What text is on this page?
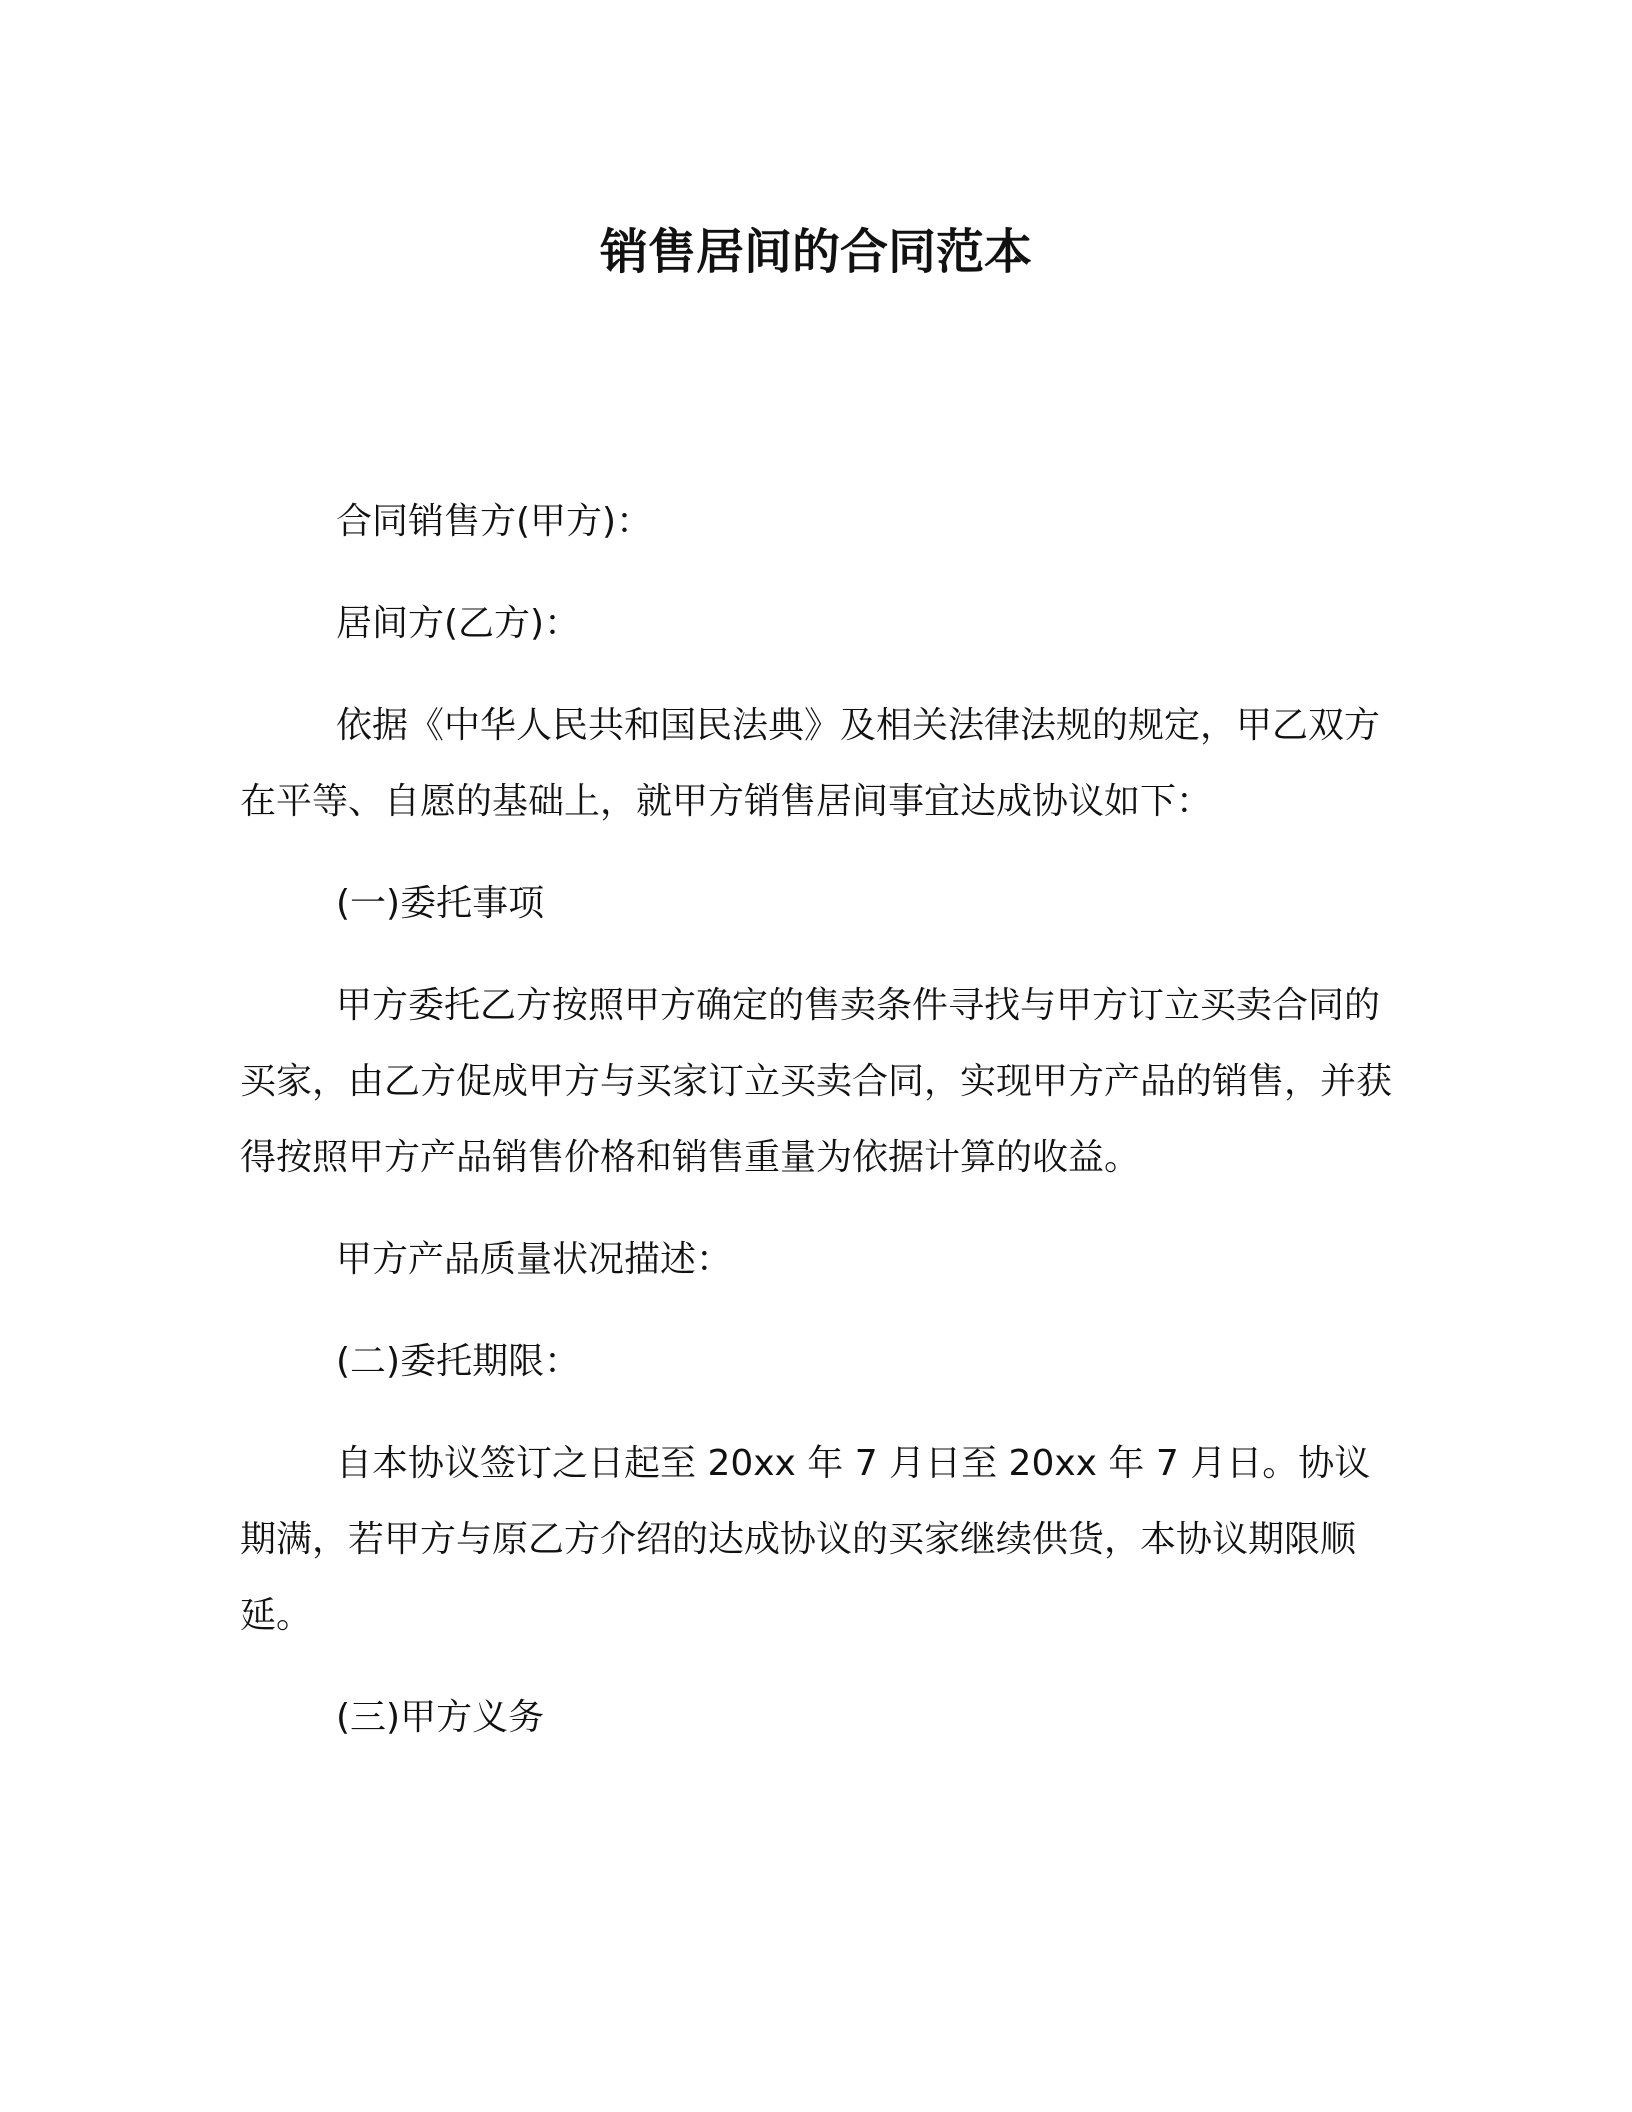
销售居间的合同范本

合同销售方(甲方)：

居间方(乙方)：

依据《中华人民共和国民法典》及相关法律法规的规定，甲乙双方在平等、自愿的基础上，就甲方销售居间事宜达成协议如下：

(一)委托事项

甲方委托乙方按照甲方确定的售卖条件寻找与甲方订立买卖合同的买家，由乙方促成甲方与买家订立买卖合同，实现甲方产品的销售，并获得按照甲方产品销售价格和销售重量为依据计算的收益。

甲方产品质量状况描述：

(二)委托期限：

自本协议签订之日起至 20xx 年 7 月日至 20xx 年 7 月日。协议期满，若甲方与原乙方介绍的达成协议的买家继续供货，本协议期限顺延。

(三)甲方义务
